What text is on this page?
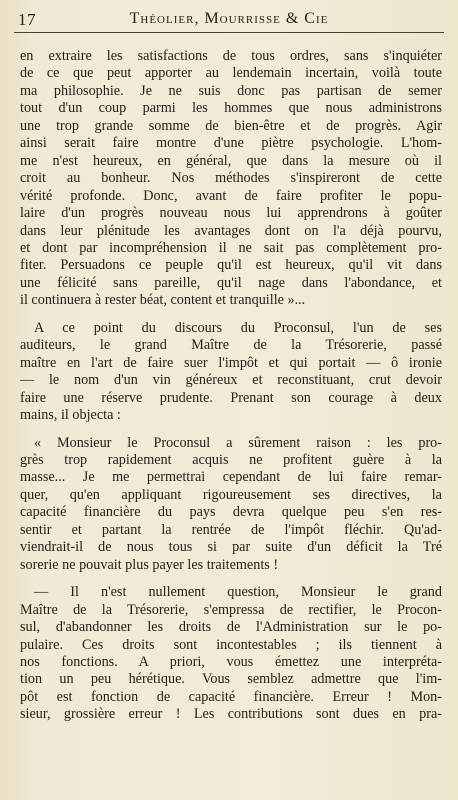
17	Théolier, Mourrisse & Cie

en extraire les satisfactions de tous ordres, sans s'inquiéter
de ce que peut apporter au lendemain incertain, voilà toute
ma philosophie. Je ne suis donc pas partisan de semer
tout d'un coup parmi les hommes que nous administrons
une trop grande somme de bien-être et de progrès. Agir
ainsi serait faire montre d'une piètre psychologie. L'hom-
me n'est heureux, en général, que dans la mesure où il
croit au bonheur. Nos méthodes s'inspireront de cette
vérité profonde. Donc, avant de faire profiter le popu-
laire d'un progrès nouveau nous lui apprendrons à goûter
dans leur plénitude les avantages dont on l'a déjà pourvu,
et dont par incompréhension il ne sait pas complètement pro-
fiter. Persuadons ce peuple qu'il est heureux, qu'il vit dans
une félicité sans pareille, qu'il nage dans l'abondance, et
il continuera à rester béat, content et tranquille »...

A ce point du discours du Proconsul, l'un de ses
auditeurs, le grand Maître de la Trésorerie, passé
maître en l'art de faire suer l'impôt et qui portait — ô ironie
— le nom d'un vin généreux et reconstituant, crut devoir
faire une réserve prudente. Prenant son courage à deux
mains, il objecta :

« Monsieur le Proconsul a sûrement raison : les pro-
grès trop rapidement acquis ne profitent guère à la
masse... Je me permettrai cependant de lui faire remar-
quer, qu'en appliquant rigoureusement ses directives, la
capacité financière du pays devra quelque peu s'en res-
sentir et partant la rentrée de l'impôt fléchir. Qu'ad-
viendrait-il de nous tous si par suite d'un déficit la Tré
sorerie ne pouvait plus payer les traitements !

— Il n'est nullement question, Monsieur le grand
Maître de la Trésorerie, s'empressa de rectifier, le Procon-
sul, d'abandonner les droits de l'Administration sur le po-
pulaire. Ces droits sont incontestables ; ils tiennent à
nos fonctions. A priori, vous émettez une interpréta-
tion un peu hérétique. Vous semblez admettre que l'im-
pôt est fonction de capacité financière. Erreur ! Mon-
sieur, grossière erreur ! Les contributions sont dues en pra-
